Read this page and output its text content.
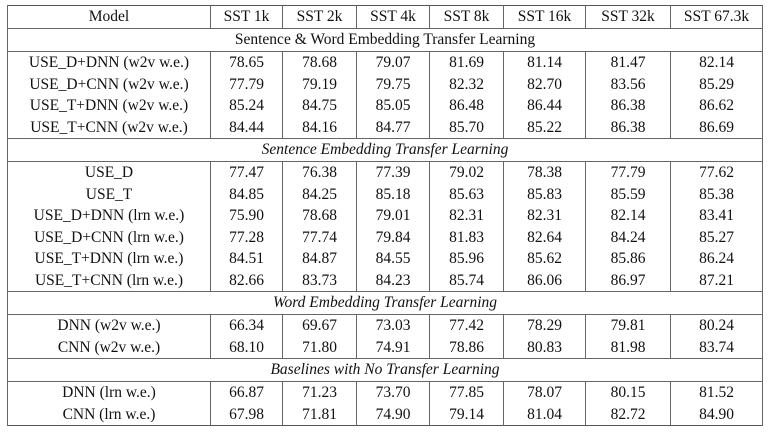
Model	SST 1k	SST 2k	SST 4k	SST 8k	SST 16k	SST 32k	SST 67.3k
Sentence & Word Embedding Transfer Learning							
USE_D+DNN (w2v w.e.)	78.65	78.68	79.07	81.69	81.14	81.47	82.14
USE_D+CNN (w2v w.e.)	77.79	79.19	79.75	82.32	82.70	83.56	85.29
USE_T+DNN (w2v w.e.)	85.24	84.75	85.05	86.48	86.44	86.38	86.62
USE_T+CNN (w2v w.e.)	84.44	84.16	84.77	85.70	85.22	86.38	86.69
Sentence Embedding Transfer Learning							
USE_D	77.47	76.38	77.39	79.02	78.38	77.79	77.62
USE_T	84.85	84.25	85.18	85.63	85.83	85.59	85.38
USE_D+DNN (lrn w.e.)	75.90	78.68	79.01	82.31	82.31	82.14	83.41
USE_D+CNN (lrn w.e.)	77.28	77.74	79.84	81.83	82.64	84.24	85.27
USE_T+DNN (lrn w.e.)	84.51	84.87	84.55	85.96	85.62	85.86	86.24
USE_T+CNN (lrn w.e.)	82.66	83.73	84.23	85.74	86.06	86.97	87.21
Word Embedding Transfer Learning							
DNN (w2v w.e.)	66.34	69.67	73.03	77.42	78.29	79.81	80.24
CNN (w2v w.e.)	68.10	71.80	74.91	78.86	80.83	81.98	83.74
Baselines with No Transfer Learning							
DNN (lrn w.e.)	66.87	71.23	73.70	77.85	78.07	80.15	81.52
CNN (lrn w.e.)	67.98	71.81	74.90	79.14	81.04	82.72	84.90
